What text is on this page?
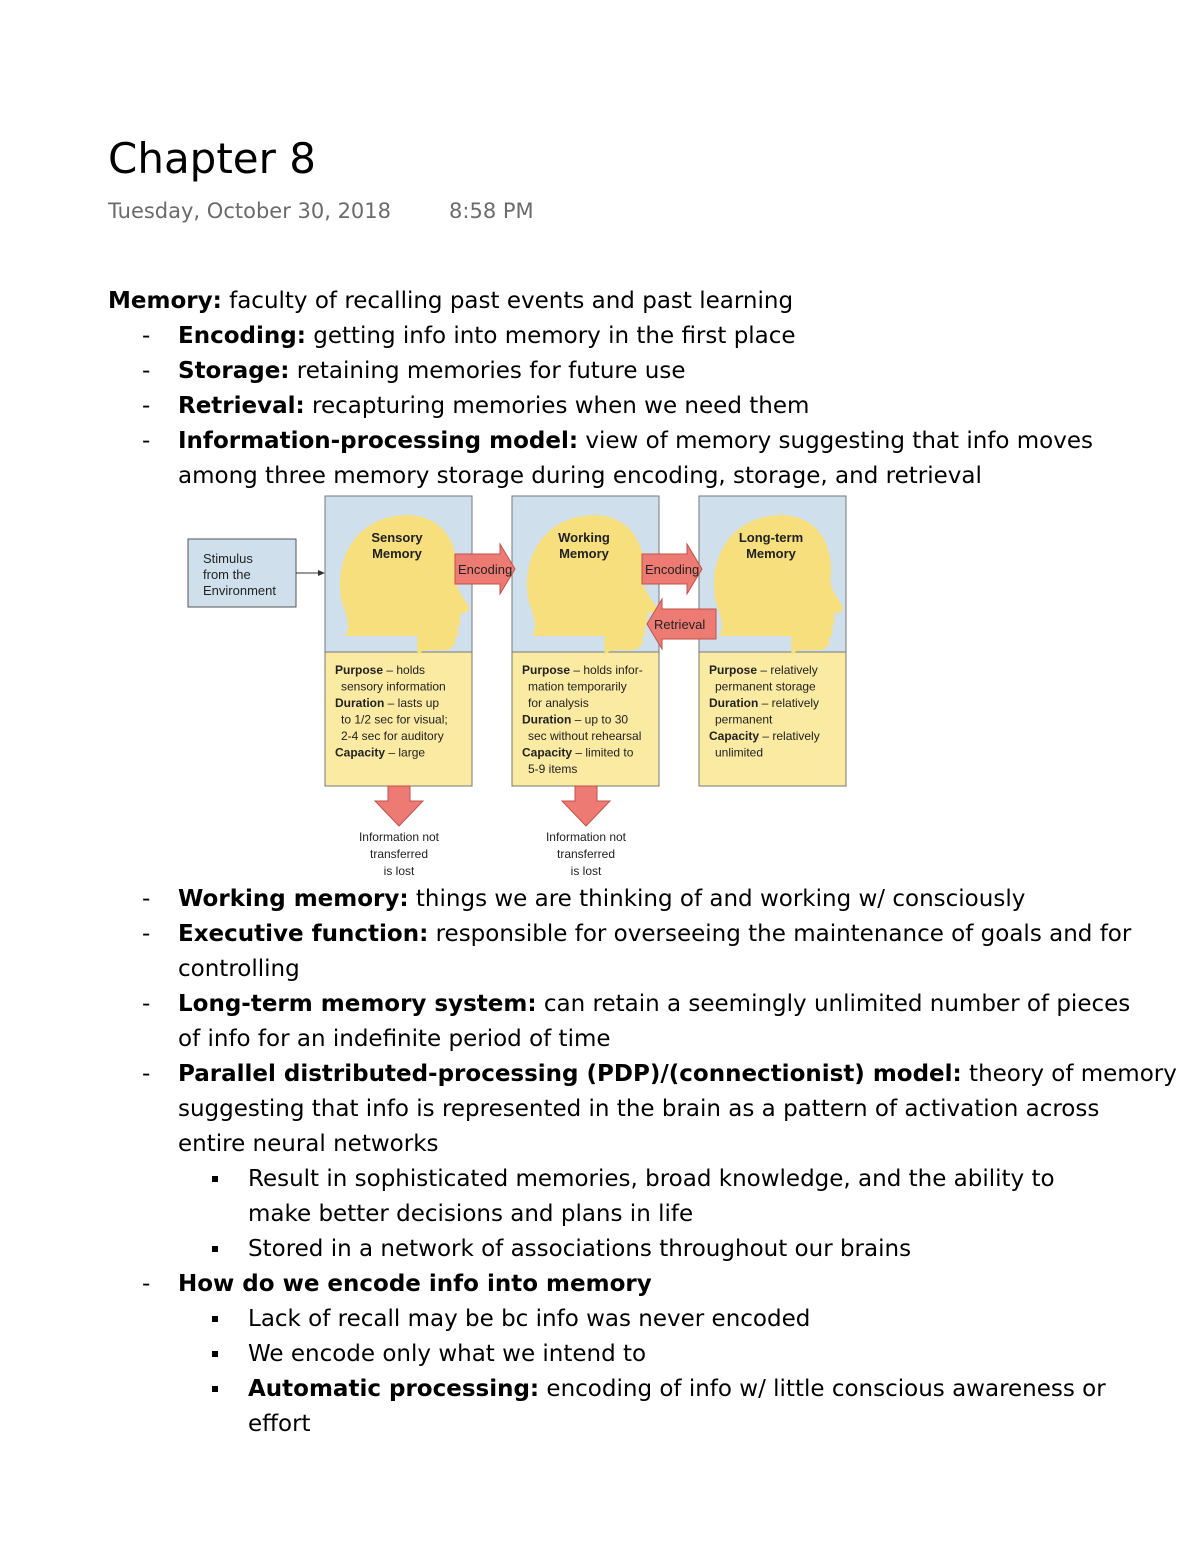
Chapter 8
Tuesday, October 30, 2018	8:58 PM
Memory: faculty of recalling past events and past learning
- Encoding: getting info into memory in the first place
- Storage: retaining memories for future use
- Retrieval: recapturing memories when we need them
- Information-processing model: view of memory suggesting that info moves
among three memory storage during encoding, storage, and retrieval
- Working memory: things we are thinking of and working w/ consciously
- Executive function: responsible for overseeing the maintenance of goals and for
controlling
- Long-term memory system: can retain a seemingly unlimited number of pieces
of info for an indefinite period of time
- Parallel distributed-processing (PDP)/(connectionist) model: theory of memory
suggesting that info is represented in the brain as a pattern of activation across
entire neural networks
Result in sophisticated memories, broad knowledge, and the ability to
make better decisions and plans in life
Stored in a network of associations throughout our brains
- How do we encode info into memory
Lack of recall may be bc info was never encoded
We encode only what we intend to
Automatic processing: encoding of info w/ little conscious awareness or
effort
Stimulus
from the
Environment
Sensory
Memory
Purpose – holds
sensory information
Duration – lasts up
to 1/2 sec for visual;
2-4 sec for auditory
Capacity – large
Working
Memory
Purpose – holds infor-
mation temporarily
for analysis
Duration – up to 30
sec without rehearsal
Capacity – limited to
5-9 items
Long-term
Memory
Purpose – relatively
permanent storage
Duration – relatively
permanent
Capacity – relatively
unlimited
Encoding	Encoding
Retrieval
Information not
transferred
is lost
Information not
transferred
is lost
